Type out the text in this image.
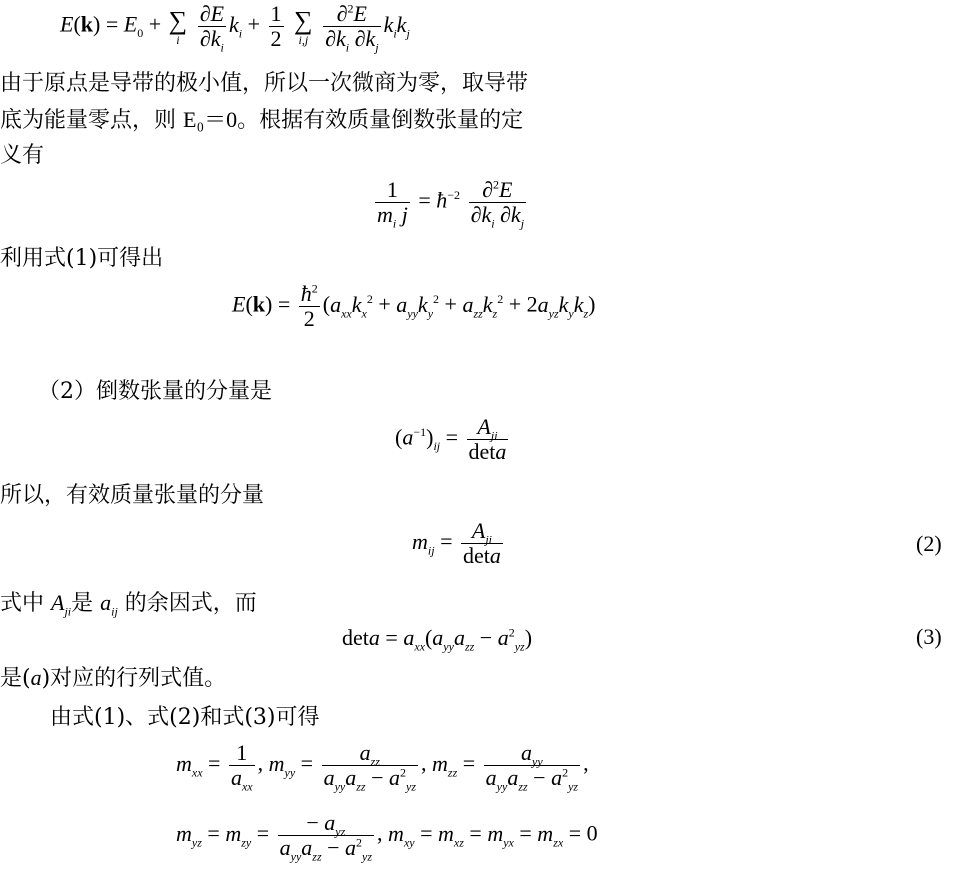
$E(k) = E_0$ + ∑
i
$\frac{\partial E}{\partial k_i} k_i + \frac{1}{2}$
∑
i,j
$\frac{\partial^2E}{\partial k_i \partial k_j} k_ik_j$
由于原点是导带的极小值，所以一次微商为零，取导带
底为能量零点，则 E₀＝0。根据有效质量倒数张量的定
义有
$\frac{1}{m_i j}$ = $ħ^{-2} \frac{\partial^2E}{\partial k_i \partial k_j}$
利用式(1)可得出
$E(k) = \frac{ħ^2}{2} (a_{xx}k_x^2 + a_{yy}k_y^2 + a_{zz}k_z^2 + 2a_{yz}k_yk_z)$
（2）倒数张量的分量是
$(a^{-1})_{ij} = \frac{A_{ji}}{\det a}$
所以，有效质量张量的分量
$m_{ij} = \frac{A_{ji}}{\det a}$	(2)
式中 $A_{ji}$是 $a_{ij}$ 的余因式，而
$\det a = a_{xx}(a_{yy}a_{zz} - a^2_{yz})$	(3)
是(a)对应的行列式值。
由式(1)、式(2)和式(3)可得
$m_{xx} = \frac{1}{a_{xx}}$ , $m_{yy} = \frac{a_{zz}}{a_{yy}a_{zz} - a^2_{yz}}$ , $m_{zz} = \frac{a_{yy}}{a_{yy}a_{zz} - a^2_{yz}}$ ,
$m_{yz} = m_{zy} = \frac{- a_{yz}}{a_{yy}a_{zz} - a^2_{yz}}$ , $m_{xy} = m_{xz} = m_{yx} = m_{zx} = 0$
